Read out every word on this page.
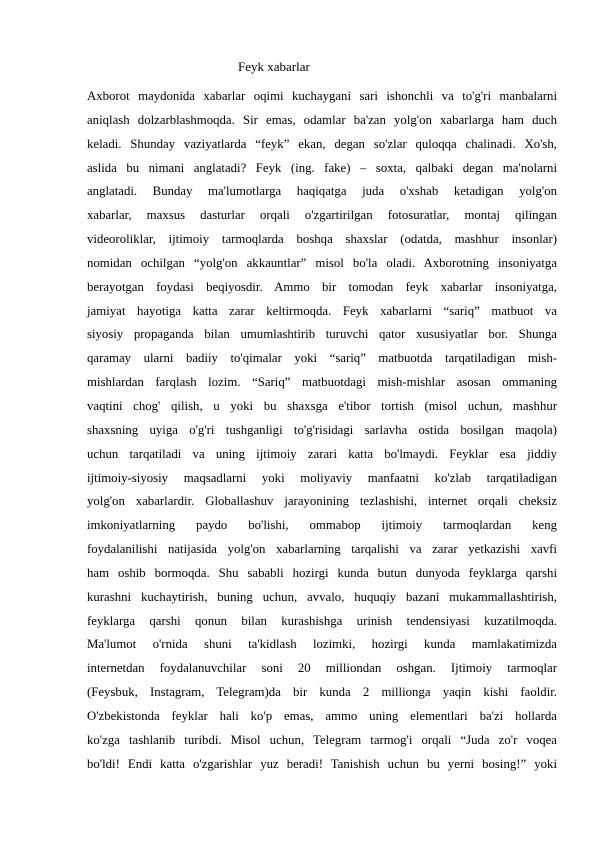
Feyk xabarlar
Axborot maydonida xabarlar oqimi kuchaygani sari ishonchli va to'g'ri manbalarni
aniqlash dolzarblashmoqda. Sir emas, odamlar ba'zan yolg'on xabarlarga ham duch
keladi. Shunday vaziyatlarda “feyk” ekan, degan so'zlar quloqqa chalinadi. Xo'sh,
aslida bu nimani anglatadi? Feyk (ing. fake) – soxta, qalbaki degan ma'nolarni
anglatadi. Bunday ma'lumotlarga haqiqatga juda o'xshab ketadigan yolg'on
xabarlar, maxsus dasturlar orqali o'zgartirilgan fotosuratlar, montaj qilingan
videoroliklar, ijtimoiy tarmoqlarda boshqa shaxslar (odatda, mashhur insonlar)
nomidan ochilgan “yolg'on akkauntlar” misol bo'la oladi. Axborotning insoniyatga
berayotgan foydasi beqiyosdir. Ammo bir tomodan feyk xabarlar insoniyatga,
jamiyat hayotiga katta zarar keltirmoqda. Feyk xabarlarni “sariq” matbuot va
siyosiy propaganda bilan umumlashtirib turuvchi qator xususiyatlar bor. Shunga
qaramay ularni badiiy to'qimalar yoki “sariq” matbuotda tarqatiladigan mish-
mishlardan farqlash lozim. “Sariq” matbuotdagi mish-mishlar asosan ommaning
vaqtini chog' qilish, u yoki bu shaxsga e'tibor tortish (misol uchun, mashhur
shaxsning uyiga o'g'ri tushganligi to'g'risidagi sarlavha ostida bosilgan maqola)
uchun tarqatiladi va uning ijtimoiy zarari katta bo'lmaydi. Feyklar esa jiddiy
ijtimoiy-siyosiy maqsadlarni yoki moliyaviy manfaatni ko'zlab tarqatiladigan
yolg'on xabarlardir. Globallashuv jarayonining tezlashishi, internet orqali cheksiz
imkoniyatlarning paydo bo'lishi, ommabop ijtimoiy tarmoqlardan keng
foydalanilishi natijasida yolg'on xabarlarning tarqalishi va zarar yetkazishi xavfi
ham oshib bormoqda. Shu sababli hozirgi kunda butun dunyoda feyklarga qarshi
kurashni kuchaytirish, buning uchun, avvalo, huquqiy bazani mukammallashtirish,
feyklarga qarshi qonun bilan kurashishga urinish tendensiyasi kuzatilmoqda.
Ma'lumot o'rnida shuni ta'kidlash lozimki, hozirgi kunda mamlakatimizda
internetdan foydalanuvchilar soni 20 milliondan oshgan. Ijtimoiy tarmoqlar
(Feysbuk, Instagram, Telegram)da bir kunda 2 millionga yaqin kishi faoldir.
O'zbekistonda feyklar hali ko'p emas, ammo uning elementlari ba'zi hollarda
ko'zga tashlanib turibdi. Misol uchun, Telegram tarmog'i orqali “Juda zo'r voqea
bo'ldi! Endi katta o'zgarishlar yuz beradi! Tanishish uchun bu yerni bosing!” yoki
